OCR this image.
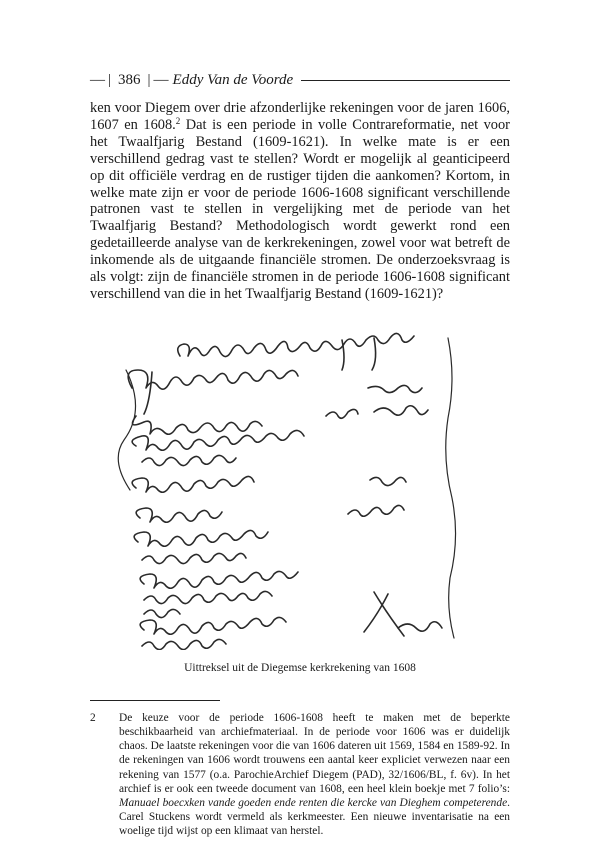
— | 386 | — Eddy Van de Voorde
ken voor Diegem over drie afzonderlijke rekeningen voor de jaren 1606, 1607 en 1608.$^2$ Dat is een periode in volle Contrareformatie, net voor het Twaalfjarig Bestand (1609-1621). In welke mate is er een verschillend gedrag vast te stellen? Wordt er mogelijk al geanticipeerd op dit officiële verdrag en de rustiger tijden die aankomen? Kortom, in welke mate zijn er voor de periode 1606-1608 significant verschillende patronen vast te stellen in vergelijking met de periode van het Twaalfjarig Bestand? Methodologisch wordt gewerkt rond een gedetailleerde analyse van de kerkrekeningen, zowel voor wat betreft de inkomende als de uitgaande financiële stromen. De onderzoeksvraag is als volgt: zijn de financiële stromen in de periode 1606-1608 significant verschillend van die in het Twaalfjarig Bestand (1609-1621)?
Uittreksel uit de Diegemse kerkrekening van 1608
2 De keuze voor de periode 1606-1608 heeft te maken met de beperkte beschikbaarheid van archiefmateriaal. In de periode voor 1606 was er duidelijk chaos. De laatste rekeningen voor die van 1606 dateren uit 1569, 1584 en 1589-92. In de rekeningen van 1606 wordt trouwens een aantal keer expliciet verwezen naar een rekening van 1577 (o.a. ParochieArchief Diegem (PAD), 32/1606/BL, f. 6v). In het archief is er ook een tweede document van 1608, een heel klein boekje met 7 folio’s: Manuael boecxken vande goeden ende renten die kercke van Dieghem competerende. Carel Stuckens wordt vermeld als kerkmeester. Een nieuwe inventarisatie na een woelige tijd wijst op een klimaat van herstel.
